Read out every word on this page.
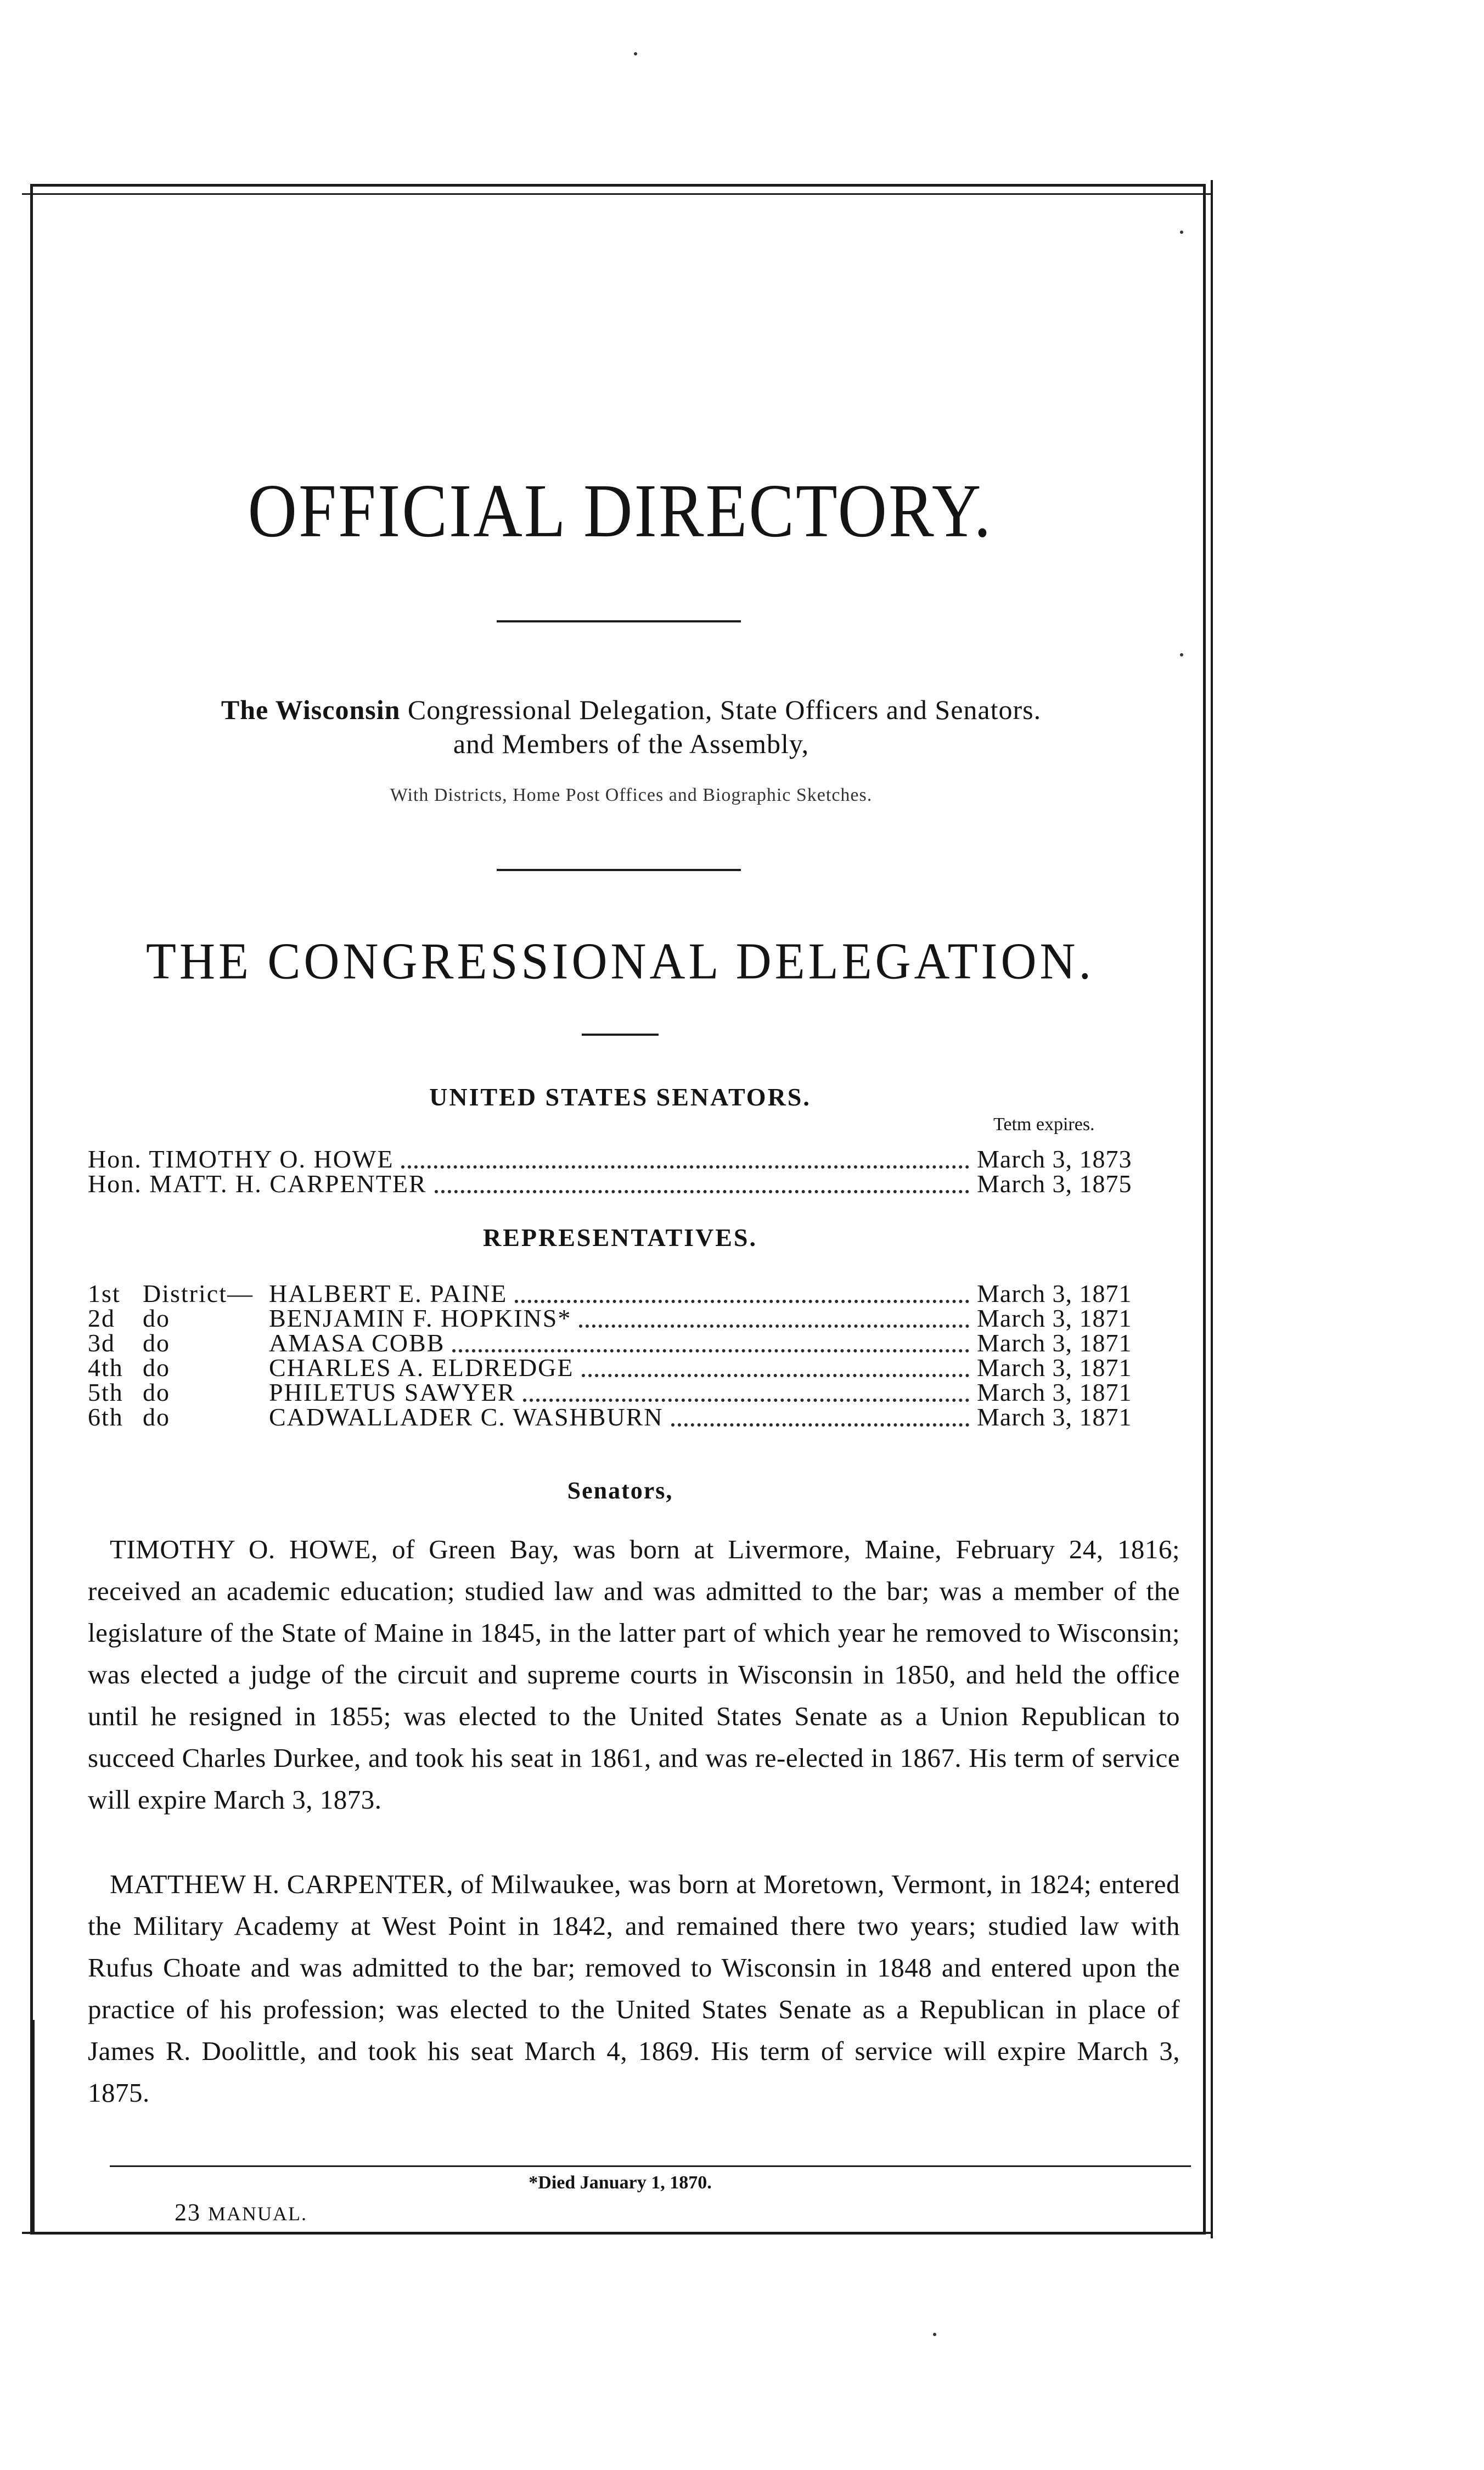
OFFICIAL DIRECTORY.
The Wisconsin Congressional Delegation, State Officers and Senators.
and Members of the Assembly,
With Districts, Home Post Offices and Biographic Sketches.
THE CONGRESSIONAL DELEGATION.
UNITED STATES SENATORS.
Tetm expires.
Hon. TIMOTHY O. HOWE	March 3, 1873
Hon. MATT. H. CARPENTER	March 3, 1875
REPRESENTATIVES.
1st District— HALBERT E. PAINE	March 3, 1871
2d do	BENJAMIN F. HOPKINS*	March 3, 1871
3d do	AMASA COBB	March 3, 1871
4th do	CHARLES A. ELDREDGE	March 3, 1871
5th do	PHILETUS SAWYER	March 3, 1871
6th do	CADWALLADER C. WASHBURN	March 3, 1871
Senators,

TIMOTHY O. HOWE, of Green Bay, was born at Livermore, Maine, February 24, 1816; received an academic education; studied law and was admitted to the bar; was a member of the legislature of the State of Maine in 1845, in the latter part of which year he removed to Wisconsin; was elected a judge of the circuit and supreme courts in Wisconsin in 1850, and held the office until he resigned in 1855; was elected to the United States Senate as a Union Republican to succeed Charles Durkee, and took his seat in 1861, and was re-elected in 1867. His term of service will expire March 3, 1873.

MATTHEW H. CARPENTER, of Milwaukee, was born at Moretown, Vermont, in 1824; entered the Military Academy at West Point in 1842, and remained there two years; studied law with Rufus Choate and was admitted to the bar; removed to Wisconsin in 1848 and entered upon the practice of his profession; was elected to the United States Senate as a Republican in place of James R. Doolittle, and took his seat March 4, 1869. His term of service will expire March 3, 1875.

*Died January 1, 1870.
23 MANUAL.
